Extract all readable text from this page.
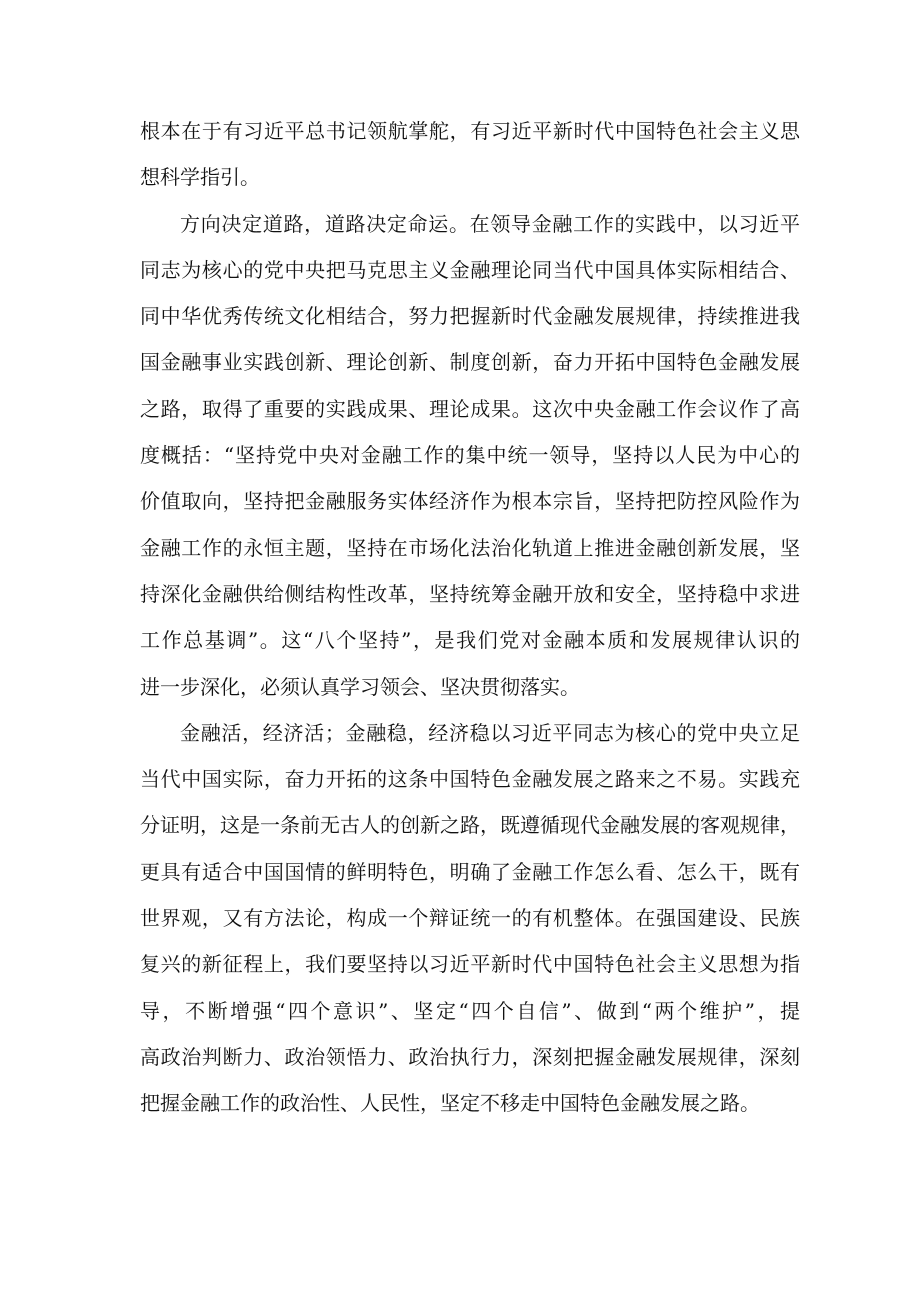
根本在于有习近平总书记领航掌舵，有习近平新时代中国特色社会主义思
想科学指引。

方向决定道路，道路决定命运。在领导金融工作的实践中，以习近平
同志为核心的党中央把马克思主义金融理论同当代中国具体实际相结合、
同中华优秀传统文化相结合，努力把握新时代金融发展规律，持续推进我
国金融事业实践创新、理论创新、制度创新，奋力开拓中国特色金融发展
之路，取得了重要的实践成果、理论成果。这次中央金融工作会议作了高
度概括：“坚持党中央对金融工作的集中统一领导，坚持以人民为中心的
价值取向，坚持把金融服务实体经济作为根本宗旨，坚持把防控风险作为
金融工作的永恒主题，坚持在市场化法治化轨道上推进金融创新发展，坚
持深化金融供给侧结构性改革，坚持统筹金融开放和安全，坚持稳中求进
工作总基调”。这“八个坚持”，是我们党对金融本质和发展规律认识的
进一步深化，必须认真学习领会、坚决贯彻落实。

金融活，经济活；金融稳，经济稳以习近平同志为核心的党中央立足
当代中国实际，奋力开拓的这条中国特色金融发展之路来之不易。实践充
分证明，这是一条前无古人的创新之路，既遵循现代金融发展的客观规律，
更具有适合中国国情的鲜明特色，明确了金融工作怎么看、怎么干，既有
世界观，又有方法论，构成一个辩证统一的有机整体。在强国建设、民族
复兴的新征程上，我们要坚持以习近平新时代中国特色社会主义思想为指
导，不断增强“四个意识”、坚定“四个自信”、做到“两个维护”，提
高政治判断力、政治领悟力、政治执行力，深刻把握金融发展规律，深刻
把握金融工作的政治性、人民性，坚定不移走中国特色金融发展之路。
